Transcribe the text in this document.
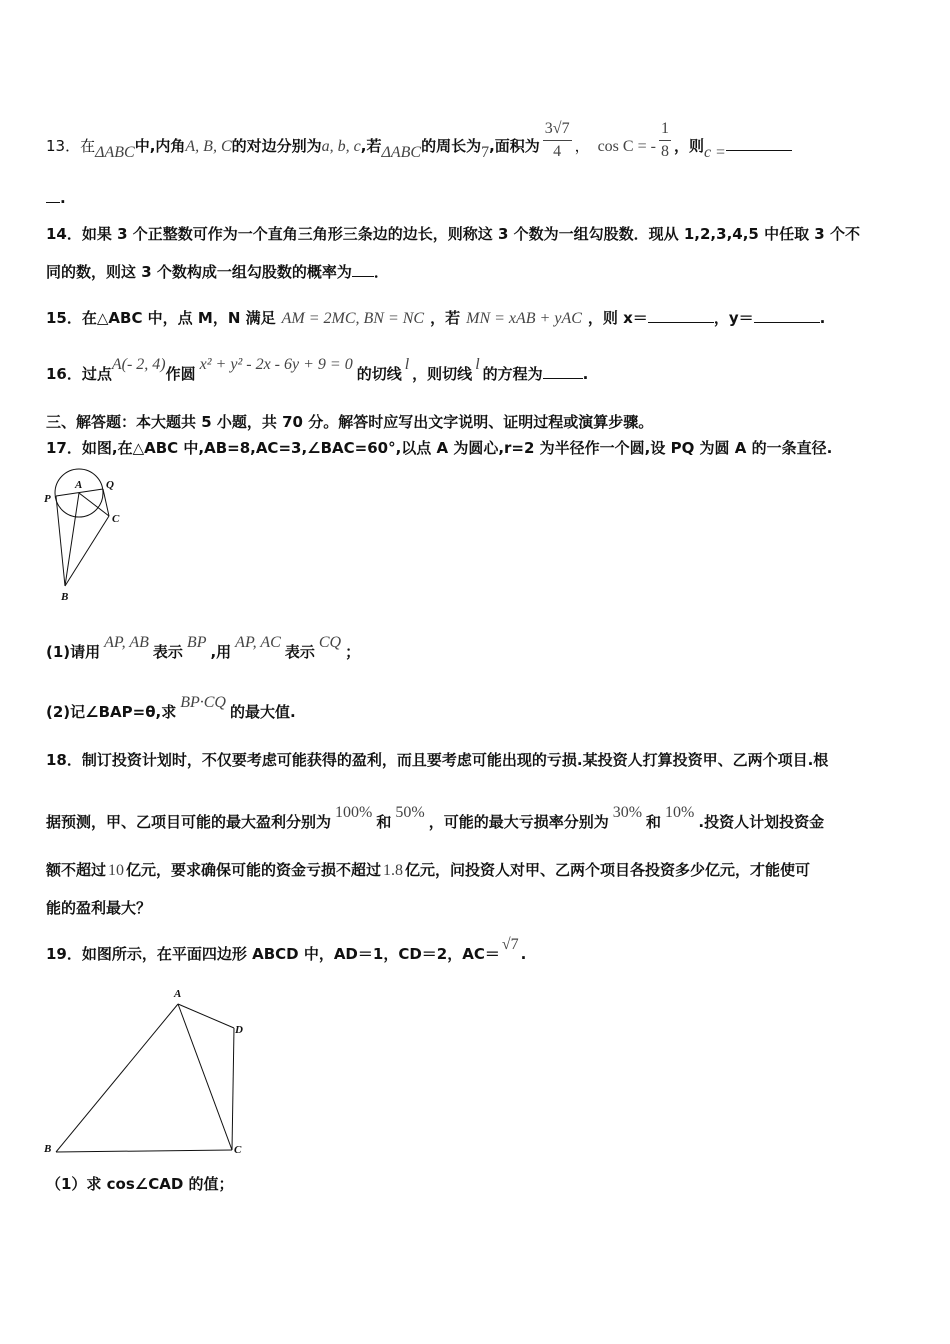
13．在ΔABC中,内角A, B, C的对边分别为a, b, c,若ΔABC的周长为7,面积为 $\frac{3√7}{4}$ ， cos C = - $\frac{1}{8}$ ，则c =
.
14．如果 3 个正整数可作为一个直角三角形三条边的边长，则称这 3 个数为一组勾股数．现从 1,2,3,4,5 中任取 3 个不
同的数，则这 3 个数构成一组勾股数的概率为 ．
15．在△ABC 中，点 M，N 满足 AM = 2MC, BN = NC ，若 MN = xAB + yAC ，则 x＝	，y＝	.
16．过点A(- 2, 4)作圆x² + y² - 2x - 6y + 9 = 0的切线l，则切线l的方程为	.
三、解答题：本大题共 5 小题，共 70 分。解答时应写出文字说明、证明过程或演算步骤。
17．如图,在△ABC 中,AB=8,AC=3,∠BAC=60°,以点 A 为圆心,r=2 为半径作一个圆,设 PQ 为圆 A 的一条直径.
A Q
P
C
B
(1)请用AP, AB表示BP,用AP, AC表示CQ；
(2)记∠BAP=θ,求BP·CQ的最大值.
18．制订投资计划时，不仅要考虑可能获得的盈利，而且要考虑可能出现的亏损.某投资人打算投资甲、乙两个项目.根
据预测，甲、乙项目可能的最大盈利分别为100%和50%，可能的最大亏损率分别为30%和10%.投资人计划投资金
额不超过 10 亿元，要求确保可能的资金亏损不超过 1.8 亿元，问投资人对甲、乙两个项目各投资多少亿元，才能使可
能的盈利最大？
19．如图所示，在平面四边形 ABCD 中，AD＝1，CD＝2，AC＝√7.
A
D
B	C
（1）求 cos∠CAD 的值；
